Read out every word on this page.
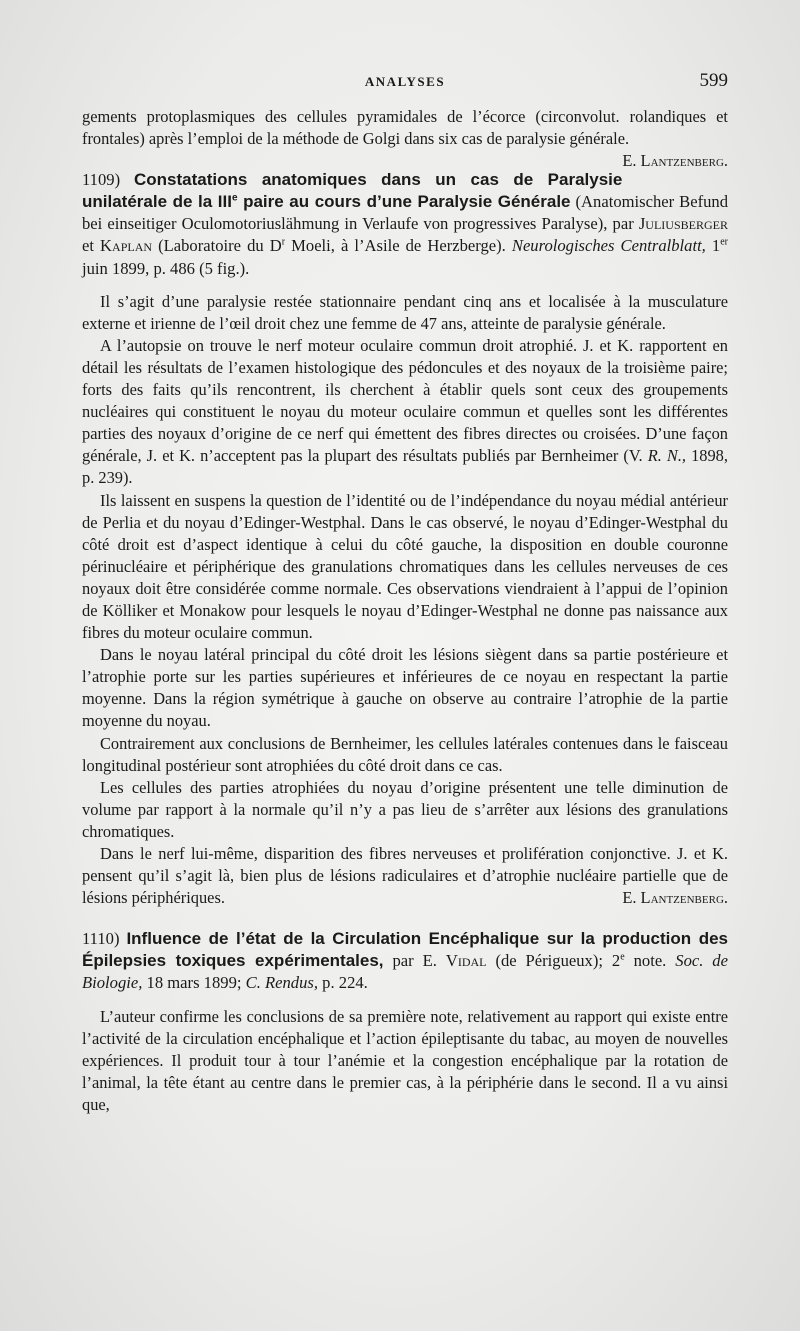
ANALYSES	599

gements protoplasmiques des cellules pyramidales de l’écorce (circonvolut. rolandiques et frontales) après l’emploi de la méthode de Golgi dans six cas de paralysie générale.
E. Lantzenberg.

1109) Constatations anatomiques dans un cas de Paralysie unilatérale de la IIIe paire au cours d’une Paralysie Générale (Anatomischer Befund bei einseitiger Oculomotoriuslähmung in Verlaufe von progressives Paralyse), par Juliusberger et Kaplan (Laboratoire du $D^r$ Moeli, à l’Asile de Herzberge). Neurologisches Centralblatt, 1er juin 1899, p. 486 (5 fig.).

Il s’agit d’une paralysie restée stationnaire pendant cinq ans et localisée à la musculature externe et irienne de l’œil droit chez une femme de 47 ans, atteinte de paralysie générale.

A l’autopsie on trouve le nerf moteur oculaire commun droit atrophié. J. et K. rapportent en détail les résultats de l’examen histologique des pédoncules et des noyaux de la troisième paire; forts des faits qu’ils rencontrent, ils cherchent à établir quels sont ceux des groupements nucléaires qui constituent le noyau du moteur oculaire commun et quelles sont les différentes parties des noyaux d’origine de ce nerf qui émettent des fibres directes ou croisées. D’une façon générale, J. et K. n’acceptent pas la plupart des résultats publiés par Bernheimer (V. R. N., 1898, p. 239).

Ils laissent en suspens la question de l’identité ou de l’indépendance du noyau médial antérieur de Perlia et du noyau d’Edinger-Westphal. Dans le cas observé, le noyau d’Edinger-Westphal du côté droit est d’aspect identique à celui du côté gauche, la disposition en double couronne périnucléaire et périphérique des granulations chromatiques dans les cellules nerveuses de ces noyaux doit être considérée comme normale. Ces observations viendraient à l’appui de l’opinion de Kölliker et Monakow pour lesquels le noyau d’Edinger-Westphal ne donne pas naissance aux fibres du moteur oculaire commun.

Dans le noyau latéral principal du côté droit les lésions siègent dans sa partie postérieure et l’atrophie porte sur les parties supérieures et inférieures de ce noyau en respectant la partie moyenne. Dans la région symétrique à gauche on observe au contraire l’atrophie de la partie moyenne du noyau.

Contrairement aux conclusions de Bernheimer, les cellules latérales contenues dans le faisceau longitudinal postérieur sont atrophiées du côté droit dans ce cas.

Les cellules des parties atrophiées du noyau d’origine présentent une telle diminution de volume par rapport à la normale qu’il n’y a pas lieu de s’arrêter aux lésions des granulations chromatiques.

Dans le nerf lui-même, disparition des fibres nerveuses et prolifération conjonctive. J. et K. pensent qu’il s’agit là, bien plus de lésions radiculaires et d’atrophie nucléaire partielle que de lésions périphériques.	E. Lantzenberg.

1110) Influence de l’état de la Circulation Encéphalique sur la production des Épilepsies toxiques expérimentales, par E. Vidal (de Périgueux); 2e note. Soc. de Biologie, 18 mars 1899; C. Rendus, p. 224.

L’auteur confirme les conclusions de sa première note, relativement au rapport qui existe entre l’activité de la circulation encéphalique et l’action épileptisante du tabac, au moyen de nouvelles expériences. Il produit tour à tour l’anémie et la congestion encéphalique par la rotation de l’animal, la tête étant au centre dans le premier cas, à la périphérie dans le second. Il a vu ainsi que,
